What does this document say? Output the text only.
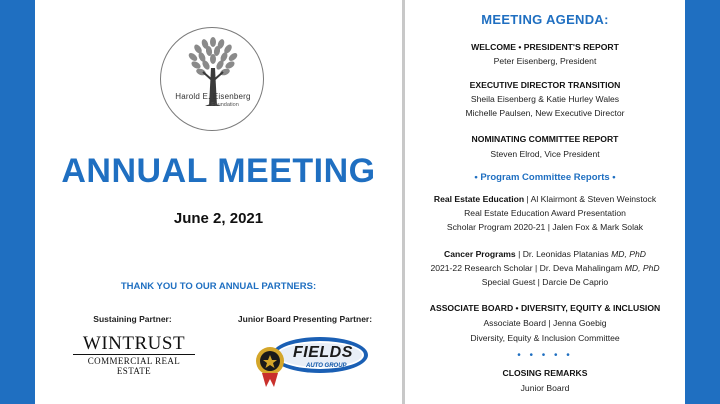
Harold E. Eisenberg
Foundation
ANNUAL MEETING
June 2, 2021
THANK YOU TO OUR ANNUAL PARTNERS:
Sustaining Partner:	Junior Board Presenting Partner:
WINTRUST
COMMERCIAL REAL ESTATE
FIELDS
AUTO GROUP
MEETING AGENDA:
WELCOME • PRESIDENT'S REPORT
Peter Eisenberg, President
EXECUTIVE DIRECTOR TRANSITION
Sheila Eisenberg & Katie Hurley Wales
Michelle Paulsen, New Executive Director
NOMINATING COMMITTEE REPORT
Steven Elrod, Vice President
• Program Committee Reports •
Real Estate Education | Al Klairmont & Steven Weinstock
Real Estate Education Award Presentation
Scholar Program 2020-21 | Jalen Fox & Mark Solak
Cancer Programs | Dr. Leonidas Platanias MD, PhD
2021-22 Research Scholar | Dr. Deva Mahalingam MD, PhD
Special Guest | Darcie De Caprio
ASSOCIATE BOARD • DIVERSITY, EQUITY & INCLUSION
Associate Board | Jenna Goebig
Diversity, Equity & Inclusion Committee
• • • • •
CLOSING REMARKS
Junior Board
